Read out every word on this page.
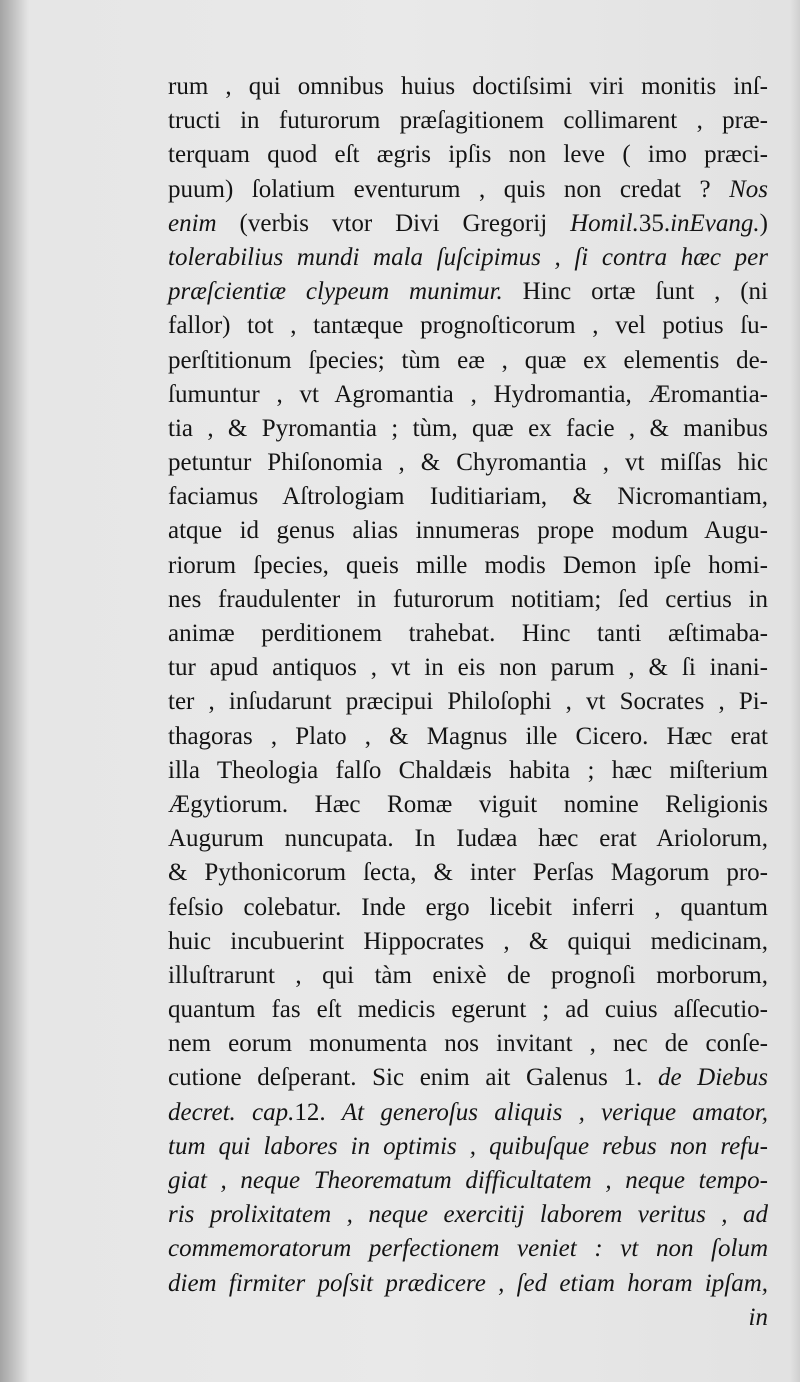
rum , qui omnibus huius doctiſsimi viri monitis inſ-
tructi in futurorum præſagitionem collimarent , præ-
terquam quod eſt ægris ipſis non leve ( imo præci-
puum) ſolatium eventurum , quis non credat ? Nos
enim (verbis vtor Divi Gregorij Homil.35.inEvang.)
tolerabilius mundi mala ſuſcipimus , ſi contra hæc per
præſcientiæ clypeum munimur. Hinc ortæ ſunt , (ni
fallor) tot , tantæque prognoſticorum , vel potius ſu-
perſtitionum ſpecies; tùm eæ , quæ ex elementis de-
ſumuntur , vt Agromantia , Hydromantia, Æromantia-
tia , & Pyromantia ; tùm, quæ ex facie , & manibus
petuntur Phiſonomia , & Chyromantia , vt miſſas hic
faciamus Aſtrologiam Iuditiariam, & Nicromantiam,
atque id genus alias innumeras prope modum Augu-
riorum ſpecies, queis mille modis Demon ipſe homi-
nes fraudulenter in futurorum notitiam; ſed certius in
animæ perditionem trahebat. Hinc tanti æſtimaba-
tur apud antiquos , vt in eis non parum , & ſi inani-
ter , inſudarunt præcipui Philoſophi , vt Socrates , Pi-
thagoras , Plato , & Magnus ille Cicero. Hæc erat
illa Theologia falſo Chaldæis habita ; hæc miſterium
Ægytiorum. Hæc Romæ viguit nomine Religionis
Augurum nuncupata. In Iudæa hæc erat Ariolorum,
& Pythonicorum ſecta, & inter Perſas Magorum pro-
feſsio colebatur. Inde ergo licebit inferri , quantum
huic incubuerint Hippocrates , & quiqui medicinam,
illuſtrarunt , qui tàm enixè de prognoſi morborum,
quantum fas eſt medicis egerunt ; ad cuius aſſecutio-
nem eorum monumenta nos invitant , nec de conſe-
cutione deſperant. Sic enim ait Galenus 1. de Diebus
decret. cap.12. At generoſus aliquis , verique amator,
tum qui labores in optimis , quibuſque rebus non refu-
giat , neque Theorematum difficultatem , neque tempo-
ris prolixitatem , neque exercitij laborem veritus , ad
commemoratorum perfectionem veniet : vt non ſolum
diem firmiter poſsit prædicere , ſed etiam horam ipſam,
in
